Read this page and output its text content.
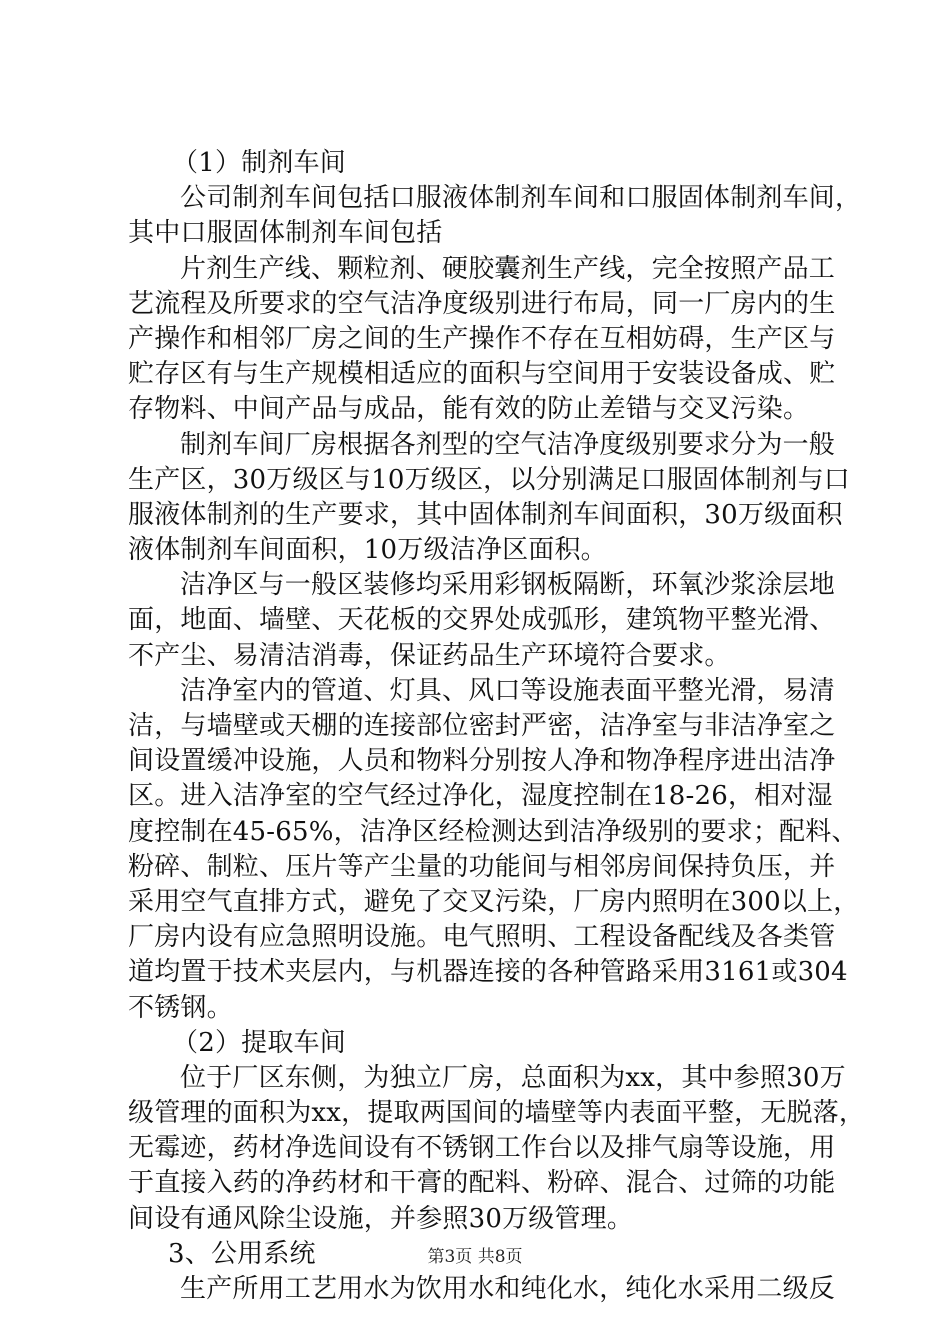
（1）制剂车间
公司制剂车间包括口服液体制剂车间和口服固体制剂车间，
其中口服固体制剂车间包括
片剂生产线、颗粒剂、硬胶囊剂生产线，完全按照产品工
艺流程及所要求的空气洁净度级别进行布局，同一厂房内的生
产操作和相邻厂房之间的生产操作不存在互相妨碍，生产区与
贮存区有与生产规模相适应的面积与空间用于安装设备成、贮
存物料、中间产品与成品，能有效的防止差错与交叉污染。
制剂车间厂房根据各剂型的空气洁净度级别要求分为一般
生产区，30万级区与10万级区，以分别满足口服固体制剂与口
服液体制剂的生产要求，其中固体制剂车间面积，30万级面积
液体制剂车间面积，10万级洁净区面积。
洁净区与一般区装修均采用彩钢板隔断，环氧沙浆涂层地
面，地面、墙壁、天花板的交界处成弧形，建筑物平整光滑、
不产尘、易清洁消毒，保证药品生产环境符合要求。
洁净室内的管道、灯具、风口等设施表面平整光滑，易清
洁，与墙壁或天棚的连接部位密封严密，洁净室与非洁净室之
间设置缓冲设施，人员和物料分别按人净和物净程序进出洁净
区。进入洁净室的空气经过净化，湿度控制在18-26，相对湿
度控制在45-65%，洁净区经检测达到洁净级别的要求；配料、
粉碎、制粒、压片等产尘量的功能间与相邻房间保持负压，并
采用空气直排方式，避免了交叉污染，厂房内照明在300以上，
厂房内设有应急照明设施。电气照明、工程设备配线及各类管
道均置于技术夹层内，与机器连接的各种管路采用3161或304
不锈钢。
（2）提取车间
位于厂区东侧，为独立厂房，总面积为xx，其中参照30万
级管理的面积为xx，提取两国间的墙壁等内表面平整，无脱落，
无霉迹，药材净选间设有不锈钢工作台以及排气扇等设施，用
于直接入药的净药材和干膏的配料、粉碎、混合、过筛的功能
间设有通风除尘设施，并参照30万级管理。
3、公用系统
生产所用工艺用水为饮用水和纯化水，纯化水采用二级反
第3页 共8页
